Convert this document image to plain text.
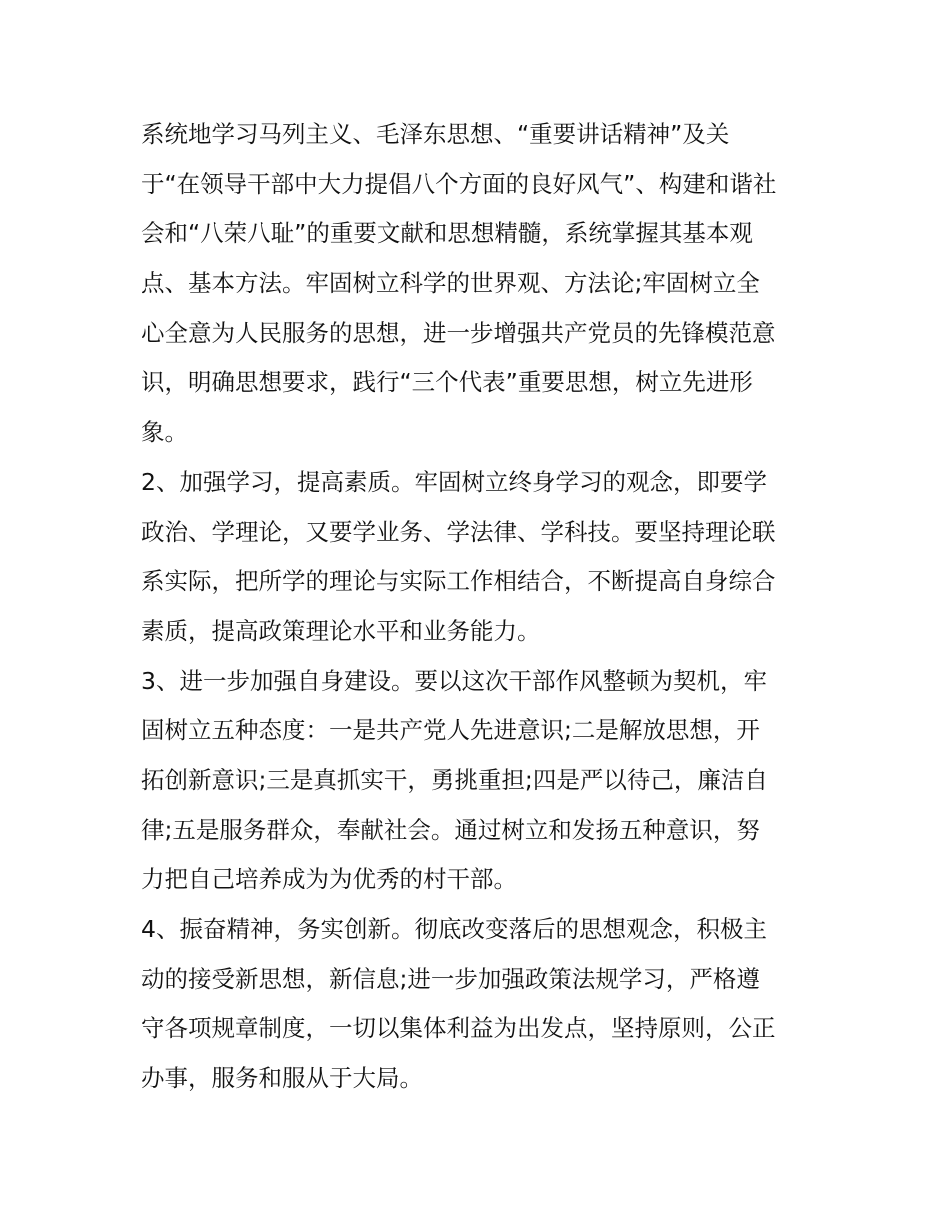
系统地学习马列主义、毛泽东思想、“重要讲话精神”及关
于“在领导干部中大力提倡八个方面的良好风气”、构建和谐社
会和“八荣八耻”的重要文献和思想精髓，系统掌握其基本观
点、基本方法。牢固树立科学的世界观、方法论;牢固树立全
心全意为人民服务的思想，进一步增强共产党员的先锋模范意
识，明确思想要求，践行“三个代表”重要思想，树立先进形
象。
2、加强学习，提高素质。牢固树立终身学习的观念，即要学
政治、学理论，又要学业务、学法律、学科技。要坚持理论联
系实际，把所学的理论与实际工作相结合，不断提高自身综合
素质，提高政策理论水平和业务能力。
3、进一步加强自身建设。要以这次干部作风整顿为契机，牢
固树立五种态度：一是共产党人先进意识;二是解放思想，开
拓创新意识;三是真抓实干，勇挑重担;四是严以待己，廉洁自
律;五是服务群众，奉献社会。通过树立和发扬五种意识，努
力把自己培养成为为优秀的村干部。
4、振奋精神，务实创新。彻底改变落后的思想观念，积极主
动的接受新思想，新信息;进一步加强政策法规学习，严格遵
守各项规章制度，一切以集体利益为出发点，坚持原则，公正
办事，服务和服从于大局。
